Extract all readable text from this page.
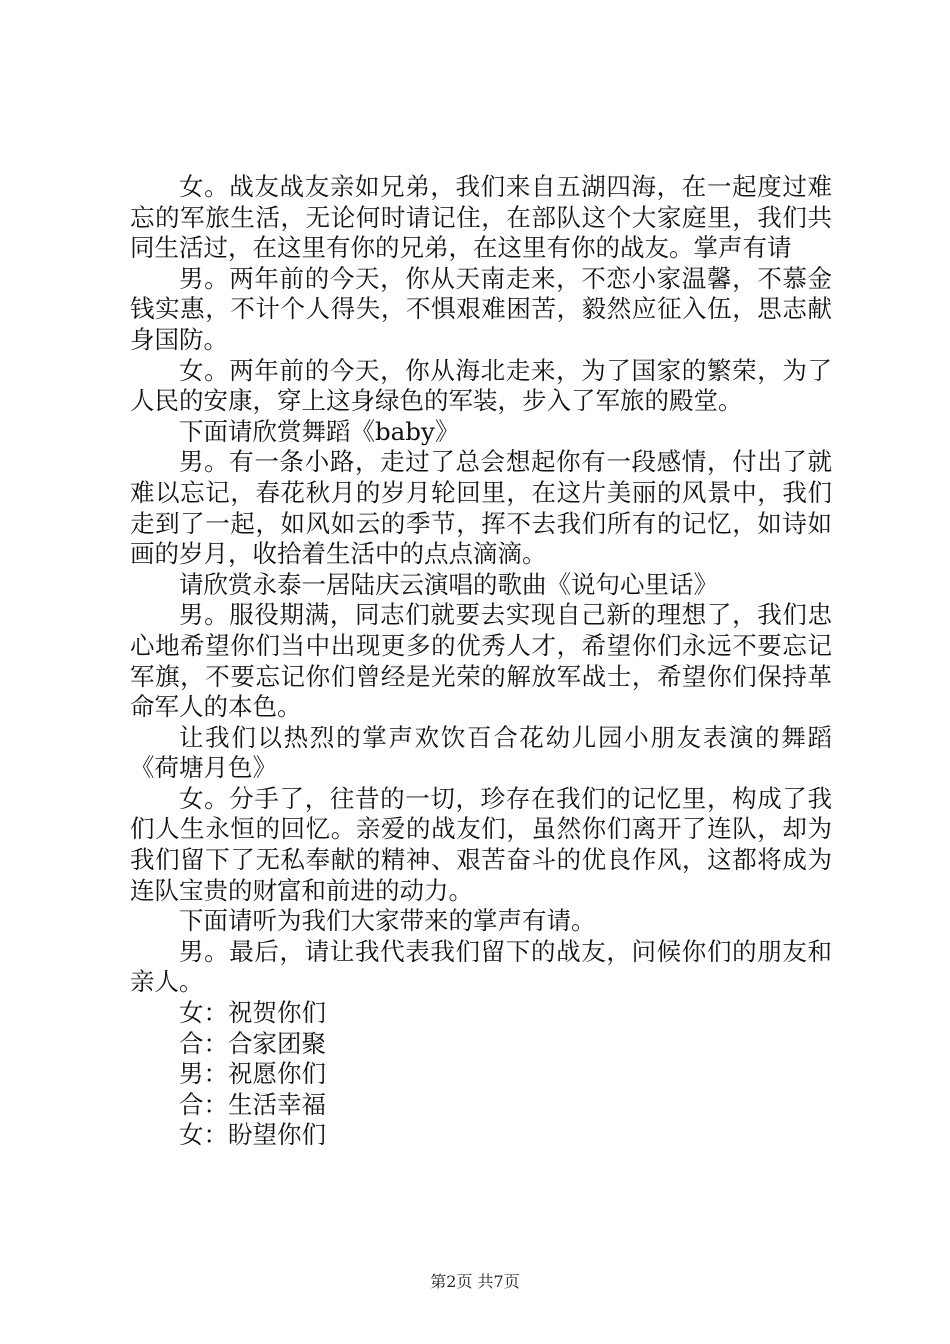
女。战友战友亲如兄弟，我们来自五湖四海，在一起度过难忘的军旅生活，无论何时请记住，在部队这个大家庭里，我们共同生活过，在这里有你的兄弟，在这里有你的战友。掌声有请

男。两年前的今天，你从天南走来，不恋小家温馨，不慕金钱实惠，不计个人得失，不惧艰难困苦，毅然应征入伍，思志献身国防。

女。两年前的今天，你从海北走来，为了国家的繁荣，为了人民的安康，穿上这身绿色的军装，步入了军旅的殿堂。

下面请欣赏舞蹈《baby》

男。有一条小路，走过了总会想起你有一段感情，付出了就难以忘记，春花秋月的岁月轮回里，在这片美丽的风景中，我们走到了一起，如风如云的季节，挥不去我们所有的记忆，如诗如画的岁月，收拾着生活中的点点滴滴。

请欣赏永泰一居陆庆云演唱的歌曲《说句心里话》

男。服役期满，同志们就要去实现自己新的理想了，我们忠心地希望你们当中出现更多的优秀人才，希望你们永远不要忘记军旗，不要忘记你们曾经是光荣的解放军战士，希望你们保持革命军人的本色。

让我们以热烈的掌声欢饮百合花幼儿园小朋友表演的舞蹈《荷塘月色》

女。分手了，往昔的一切，珍存在我们的记忆里，构成了我们人生永恒的回忆。亲爱的战友们，虽然你们离开了连队，却为我们留下了无私奉献的精神、艰苦奋斗的优良作风，这都将成为连队宝贵的财富和前进的动力。

下面请听为我们大家带来的掌声有请。

男。最后，请让我代表我们留下的战友，问候你们的朋友和亲人。

女：祝贺你们

合：合家团聚

男：祝愿你们

合：生活幸福

女：盼望你们

第2页 共7页
